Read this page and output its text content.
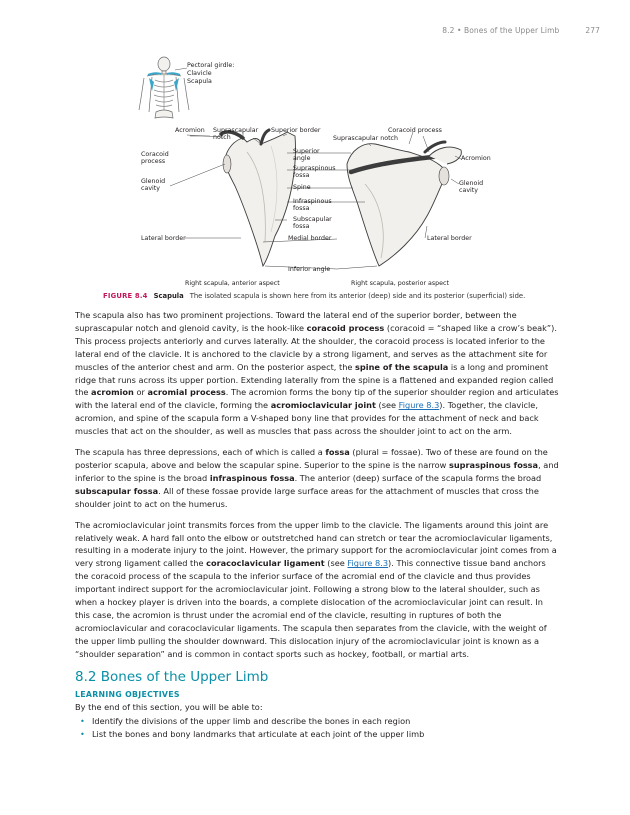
8.2 • Bones of the Upper Limb	277
Pectoral girdle:
Clavicle
Scapula
Acromion Suprascapular
notch
Coracoid
process
Glenoid
cavity
Lateral border
Superior border
Superior
angle
Supraspinous
fossa
Spine
Infraspinous
fossa
Subscapular
fossa
Medial border
Inferior angle
Suprascapular notch
Coracoid process
Acromion
Glenoid
cavity
Lateral border
Right scapula, anterior aspect	Right scapula, posterior aspect
FIGURE 8.4 Scapula The isolated scapula is shown here from its anterior (deep) side and its posterior (superficial) side.

The scapula also has two prominent projections. Toward the lateral end of the superior border, between the suprascapular notch and glenoid cavity, is the hook-like coracoid process (coracoid = “shaped like a crow’s beak”). This process projects anteriorly and curves laterally. At the shoulder, the coracoid process is located inferior to the lateral end of the clavicle. It is anchored to the clavicle by a strong ligament, and serves as the attachment site for muscles of the anterior chest and arm. On the posterior aspect, the spine of the scapula is a long and prominent ridge that runs across its upper portion. Extending laterally from the spine is a flattened and expanded region called the acromion or acromial process. The acromion forms the bony tip of the superior shoulder region and articulates with the lateral end of the clavicle, forming the acromioclavicular joint (see Figure 8.3). Together, the clavicle, acromion, and spine of the scapula form a V-shaped bony line that provides for the attachment of neck and back muscles that act on the shoulder, as well as muscles that pass across the shoulder joint to act on the arm.

The scapula has three depressions, each of which is called a fossa (plural = fossae). Two of these are found on the posterior scapula, above and below the scapular spine. Superior to the spine is the narrow supraspinous fossa, and inferior to the spine is the broad infraspinous fossa. The anterior (deep) surface of the scapula forms the broad subscapular fossa. All of these fossae provide large surface areas for the attachment of muscles that cross the shoulder joint to act on the humerus.

The acromioclavicular joint transmits forces from the upper limb to the clavicle. The ligaments around this joint are relatively weak. A hard fall onto the elbow or outstretched hand can stretch or tear the acromioclavicular ligaments, resulting in a moderate injury to the joint. However, the primary support for the acromioclavicular joint comes from a very strong ligament called the coracoclavicular ligament (see Figure 8.3). This connective tissue band anchors the coracoid process of the scapula to the inferior surface of the acromial end of the clavicle and thus provides important indirect support for the acromioclavicular joint. Following a strong blow to the lateral shoulder, such as when a hockey player is driven into the boards, a complete dislocation of the acromioclavicular joint can result. In this case, the acromion is thrust under the acromial end of the clavicle, resulting in ruptures of both the acromioclavicular and coracoclavicular ligaments. The scapula then separates from the clavicle, with the weight of the upper limb pulling the shoulder downward. This dislocation injury of the acromioclavicular joint is known as a “shoulder separation” and is common in contact sports such as hockey, football, or martial arts.

8.2 Bones of the Upper Limb
LEARNING OBJECTIVES

By the end of this section, you will be able to:

• Identify the divisions of the upper limb and describe the bones in each region
• List the bones and bony landmarks that articulate at each joint of the upper limb
